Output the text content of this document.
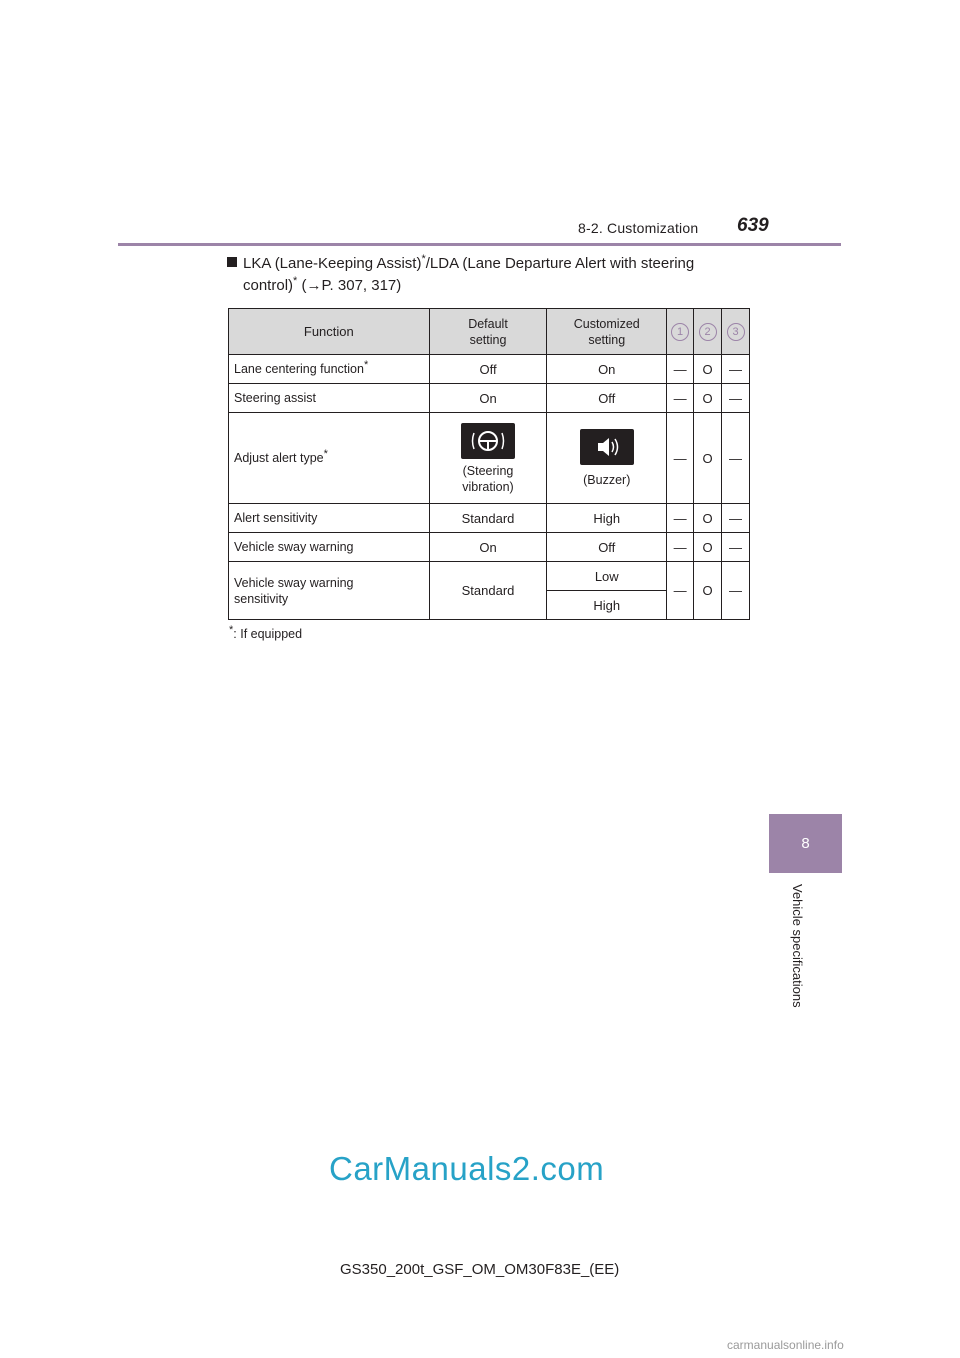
8-2. Customization 639
8
Vehicle specifications
LKA (Lane-Keeping Assist)*/LDA (Lane Departure Alert with steering
control)* (→P. 307, 317)
Function	Default setting	Customized setting	1	2	3
Lane centering function*	Off	On	—	O	—
Steering assist	On	Off	—	O	—
Adjust alert type*	(Steering vibration)	(Buzzer)	—	O	—
Alert sensitivity	Standard	High	—	O	—
Vehicle sway warning	On	Off	—	O	—
Vehicle sway warning sensitivity	Standard	Low	—	O	—
		High			
*: If equipped
CarManuals2.com
GS350_200t_GSF_OM_OM30F83E_(EE)
carmanualsonline.info
